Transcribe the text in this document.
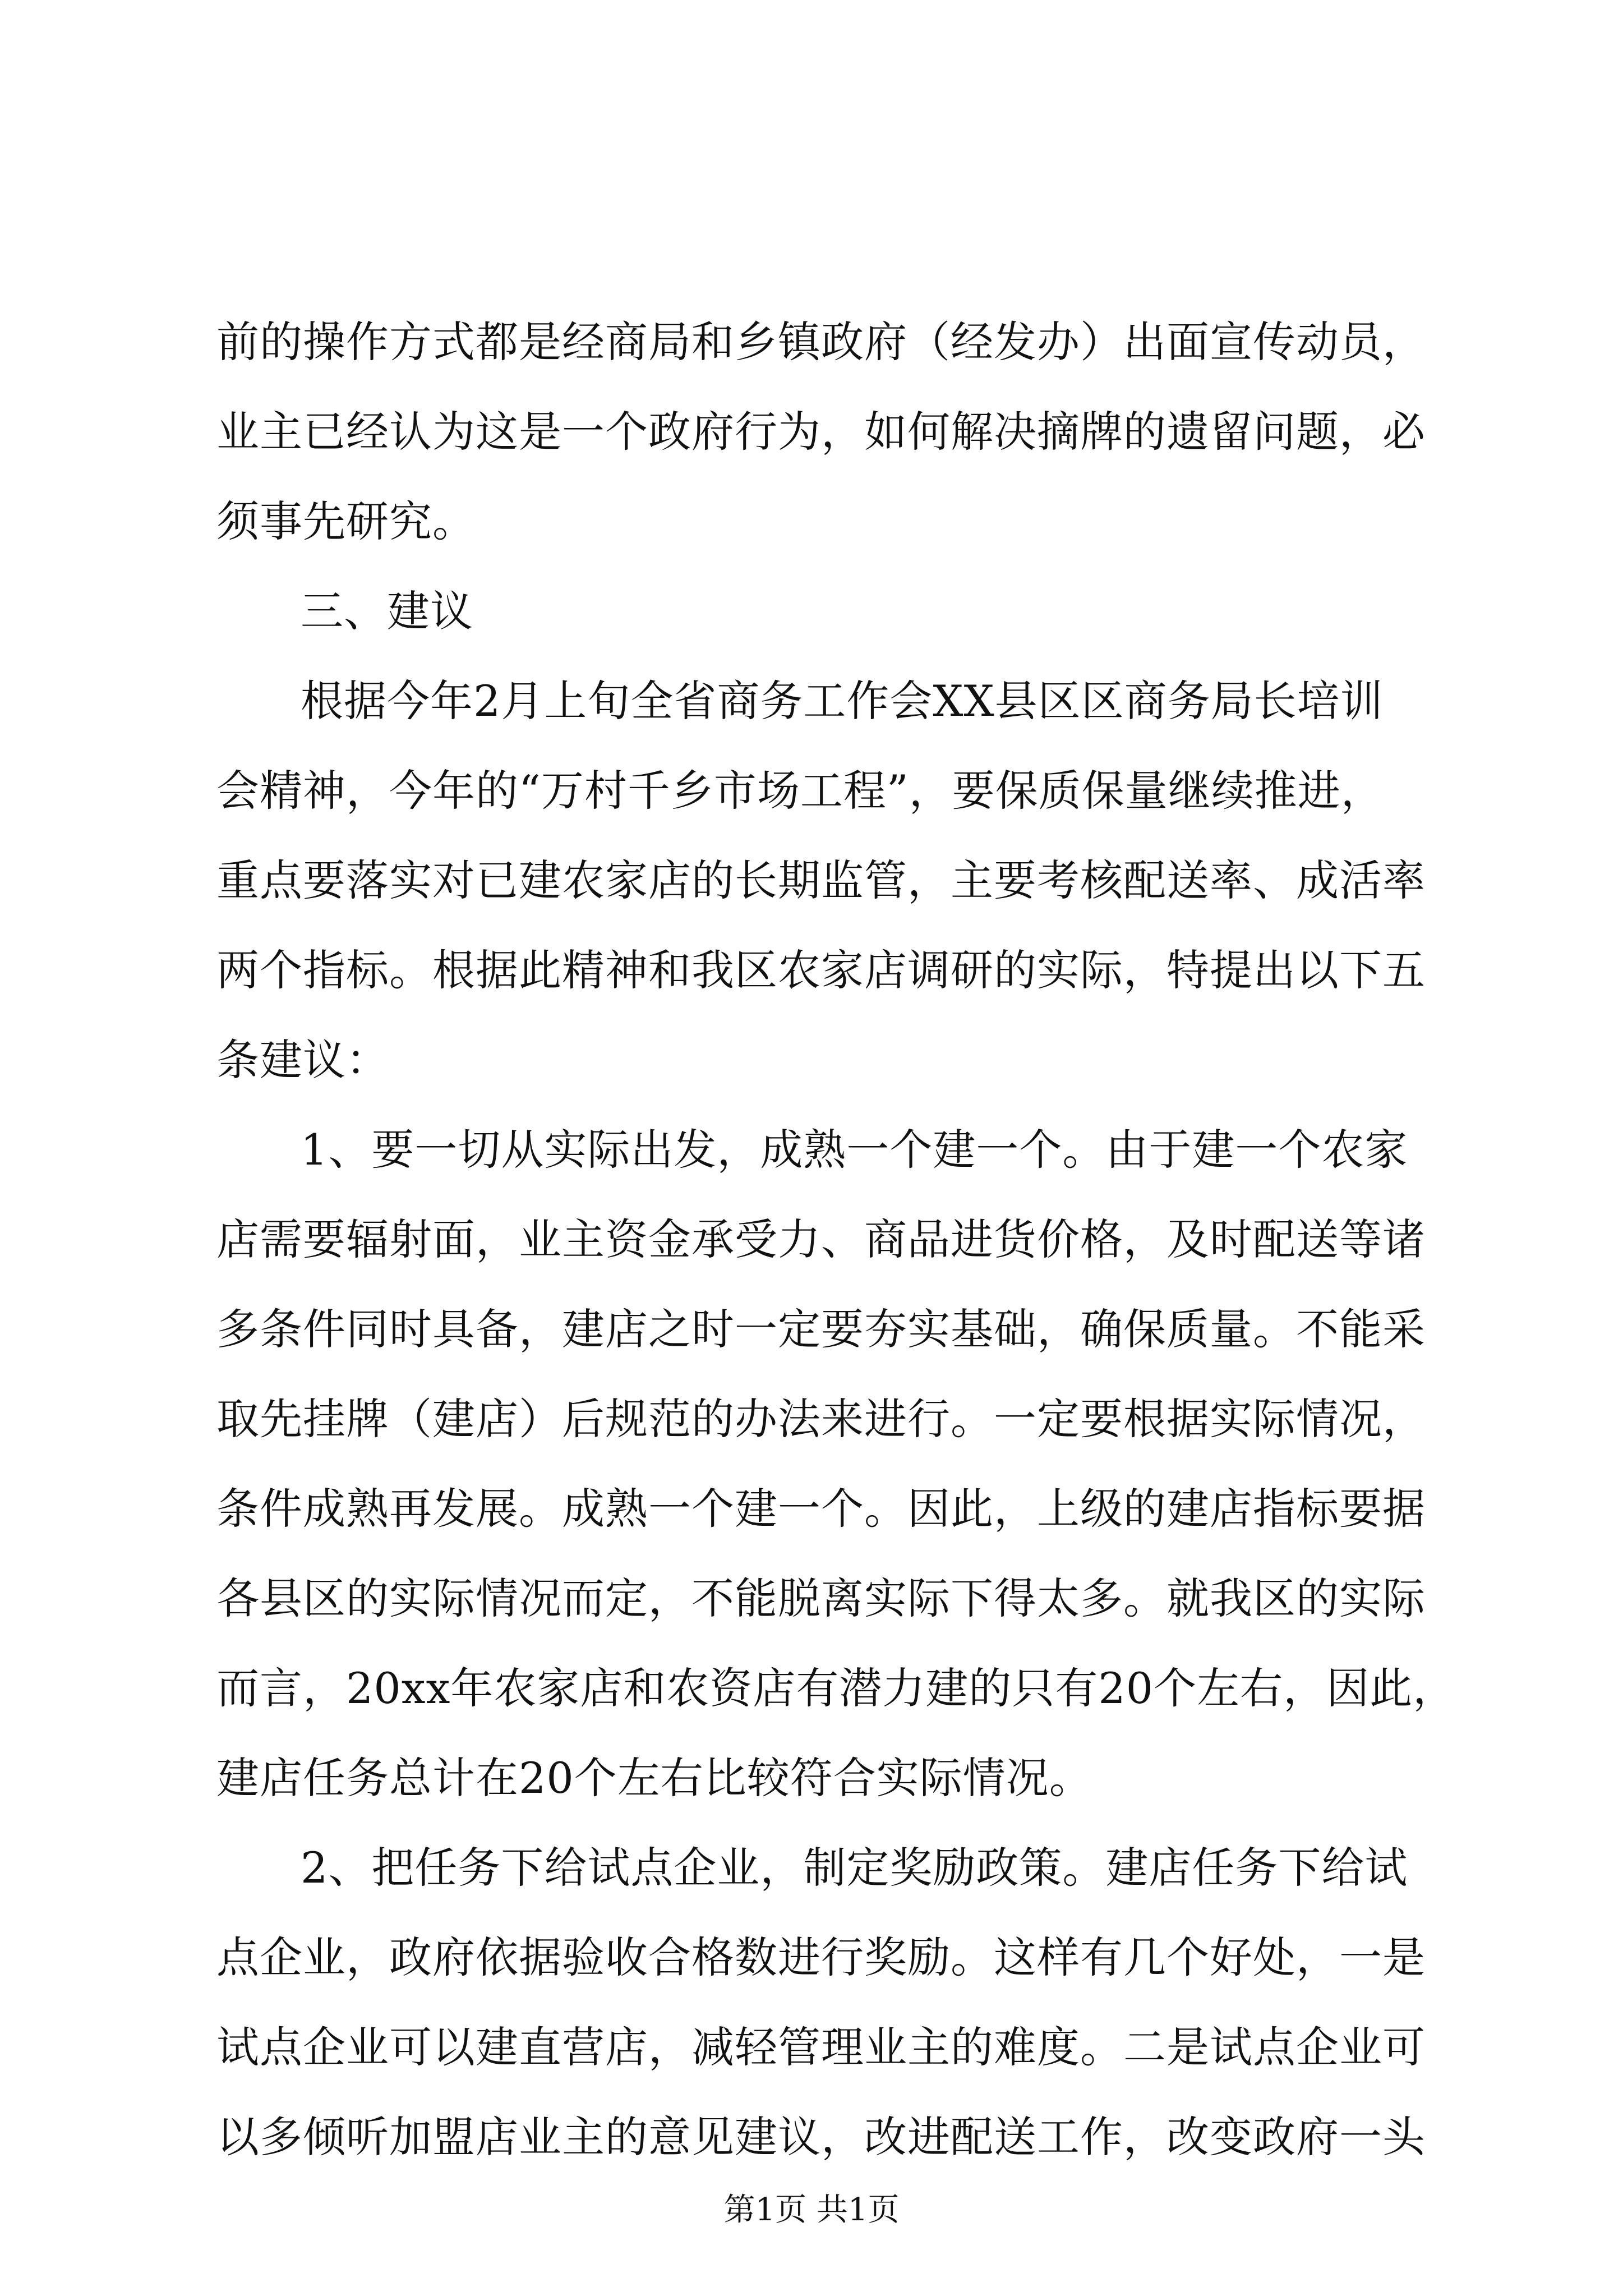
前的操作方式都是经商局和乡镇政府（经发办）出面宣传动员，
业主已经认为这是一个政府行为，如何解决摘牌的遗留问题，必
须事先研究。
三、建议
根据今年2月上旬全省商务工作会XX县区区商务局长培训
会精神，今年的“万村千乡市场工程”，要保质保量继续推进，
重点要落实对已建农家店的长期监管，主要考核配送率、成活率
两个指标。根据此精神和我区农家店调研的实际，特提出以下五
条建议：
1、要一切从实际出发，成熟一个建一个。由于建一个农家
店需要辐射面，业主资金承受力、商品进货价格，及时配送等诸
多条件同时具备，建店之时一定要夯实基础，确保质量。不能采
取先挂牌（建店）后规范的办法来进行。一定要根据实际情况，
条件成熟再发展。成熟一个建一个。因此，上级的建店指标要据
各县区的实际情况而定，不能脱离实际下得太多。就我区的实际
而言，20xx年农家店和农资店有潜力建的只有20个左右，因此，
建店任务总计在20个左右比较符合实际情况。
2、把任务下给试点企业，制定奖励政策。建店任务下给试
点企业，政府依据验收合格数进行奖励。这样有几个好处，一是
试点企业可以建直营店，减轻管理业主的难度。二是试点企业可
以多倾听加盟店业主的意见建议，改进配送工作，改变政府一头
第1页 共1页
